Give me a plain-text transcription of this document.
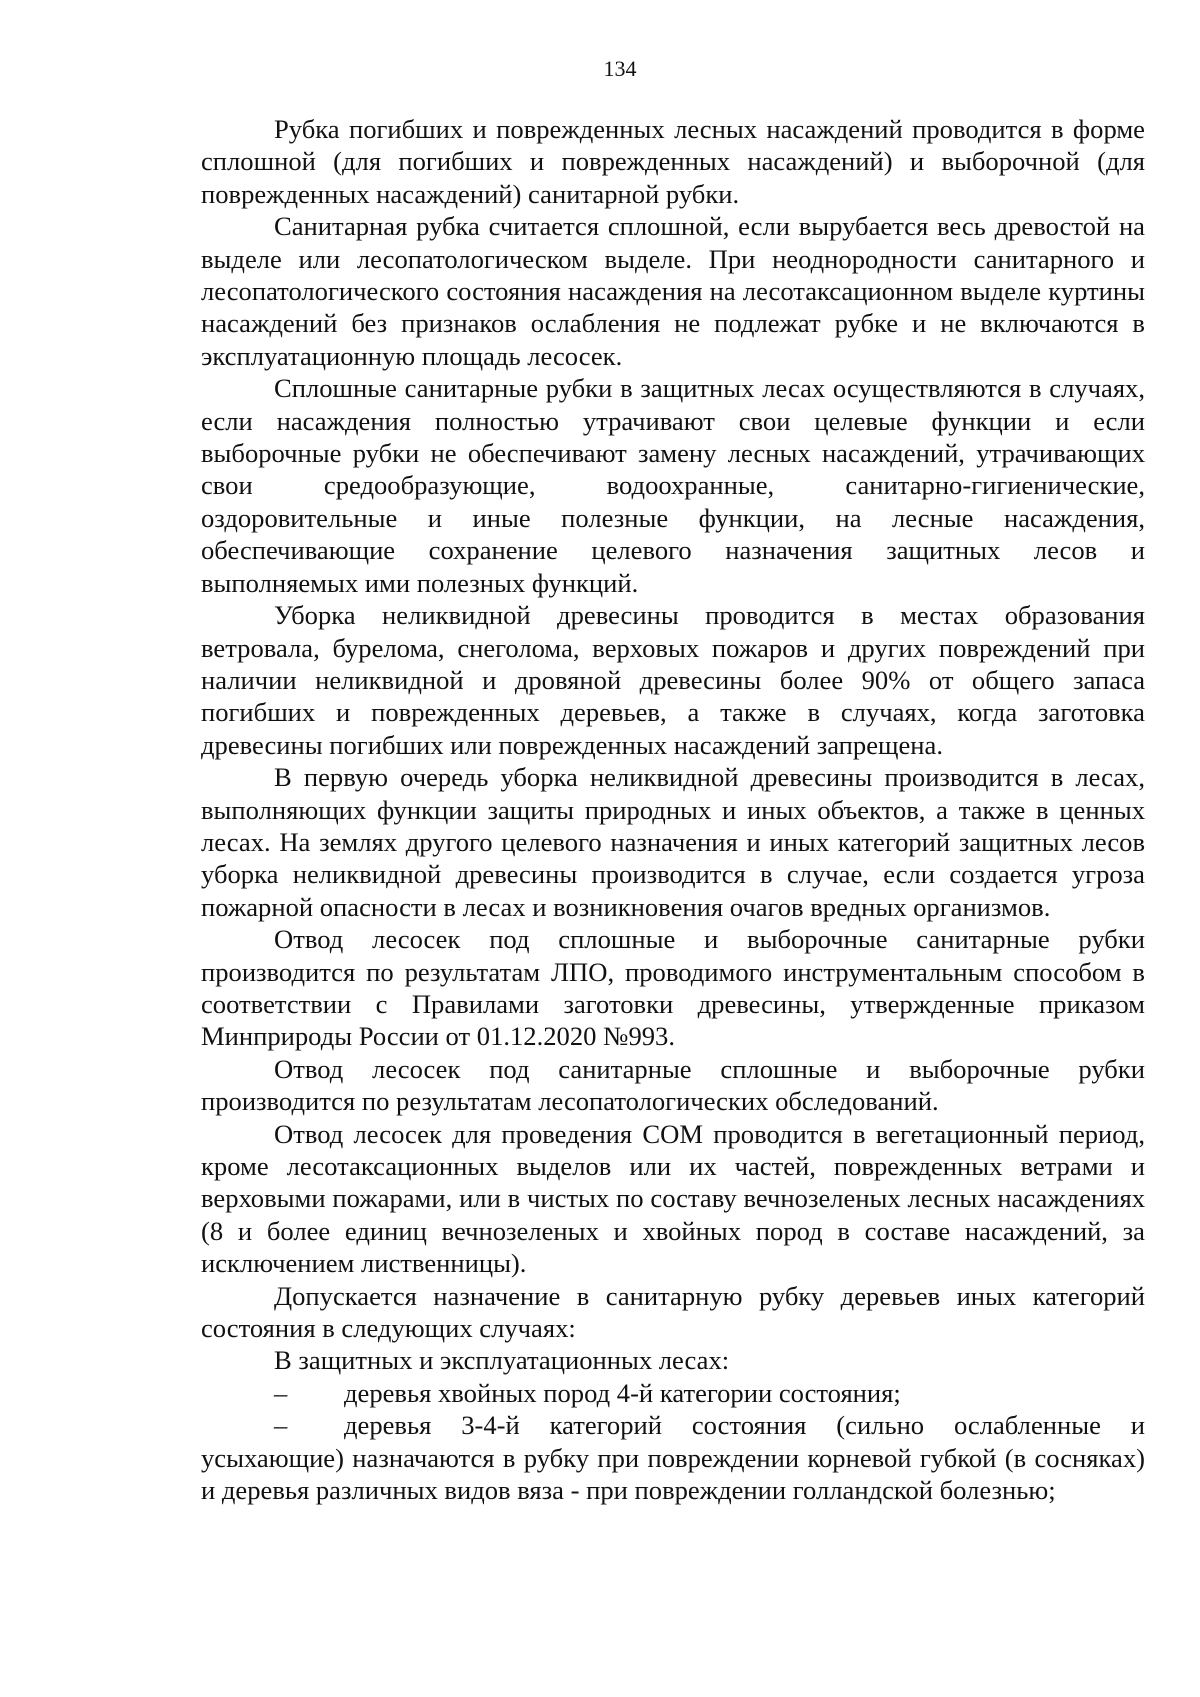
134

Рубка погибших и поврежденных лесных насаждений проводится в форме сплошной (для погибших и поврежденных насаждений) и выборочной (для поврежденных насаждений) санитарной рубки.

Санитарная рубка считается сплошной, если вырубается весь древостой на выделе или лесопатологическом выделе. При неоднородности санитарного и лесопатологического состояния насаждения на лесотаксационном выделе куртины насаждений без признаков ослабления не подлежат рубке и не включаются в эксплуатационную площадь лесосек.

Сплошные санитарные рубки в защитных лесах осуществляются в случаях, если насаждения полностью утрачивают свои целевые функции и если выборочные рубки не обеспечивают замену лесных насаждений, утрачивающих свои средообразующие, водоохранные, санитарно-гигиенические, оздоровительные и иные полезные функции, на лесные насаждения, обеспечивающие сохранение целевого назначения защитных лесов и выполняемых ими полезных функций.

Уборка неликвидной древесины проводится в местах образования ветровала, бурелома, снеголома, верховых пожаров и других повреждений при наличии неликвидной и дровяной древесины более 90% от общего запаса погибших и поврежденных деревьев, а также в случаях, когда заготовка древесины погибших или поврежденных насаждений запрещена.

В первую очередь уборка неликвидной древесины производится в лесах, выполняющих функции защиты природных и иных объектов, а также в ценных лесах. На землях другого целевого назначения и иных категорий защитных лесов уборка неликвидной древесины производится в случае, если создается угроза пожарной опасности в лесах и возникновения очагов вредных организмов.

Отвод лесосек под сплошные и выборочные санитарные рубки производится по результатам ЛПО, проводимого инструментальным способом в соответствии с Правилами заготовки древесины, утвержденные приказом Минприроды России от 01.12.2020 №993.

Отвод лесосек под санитарные сплошные и выборочные рубки производится по результатам лесопатологических обследований.

Отвод лесосек для проведения СОМ проводится в вегетационный период, кроме лесотаксационных выделов или их частей, поврежденных ветрами и верховыми пожарами, или в чистых по составу вечнозеленых лесных насаждениях (8 и более единиц вечнозеленых и хвойных пород в составе насаждений, за исключением лиственницы).

Допускается назначение в санитарную рубку деревьев иных категорий состояния в следующих случаях:

В защитных и эксплуатационных лесах:

– деревья хвойных пород 4-й категории состояния;

– деревья 3-4-й категорий состояния (сильно ослабленные и усыхающие) назначаются в рубку при повреждении корневой губкой (в сосняках) и деревья различных видов вяза - при повреждении голландской болезнью;
